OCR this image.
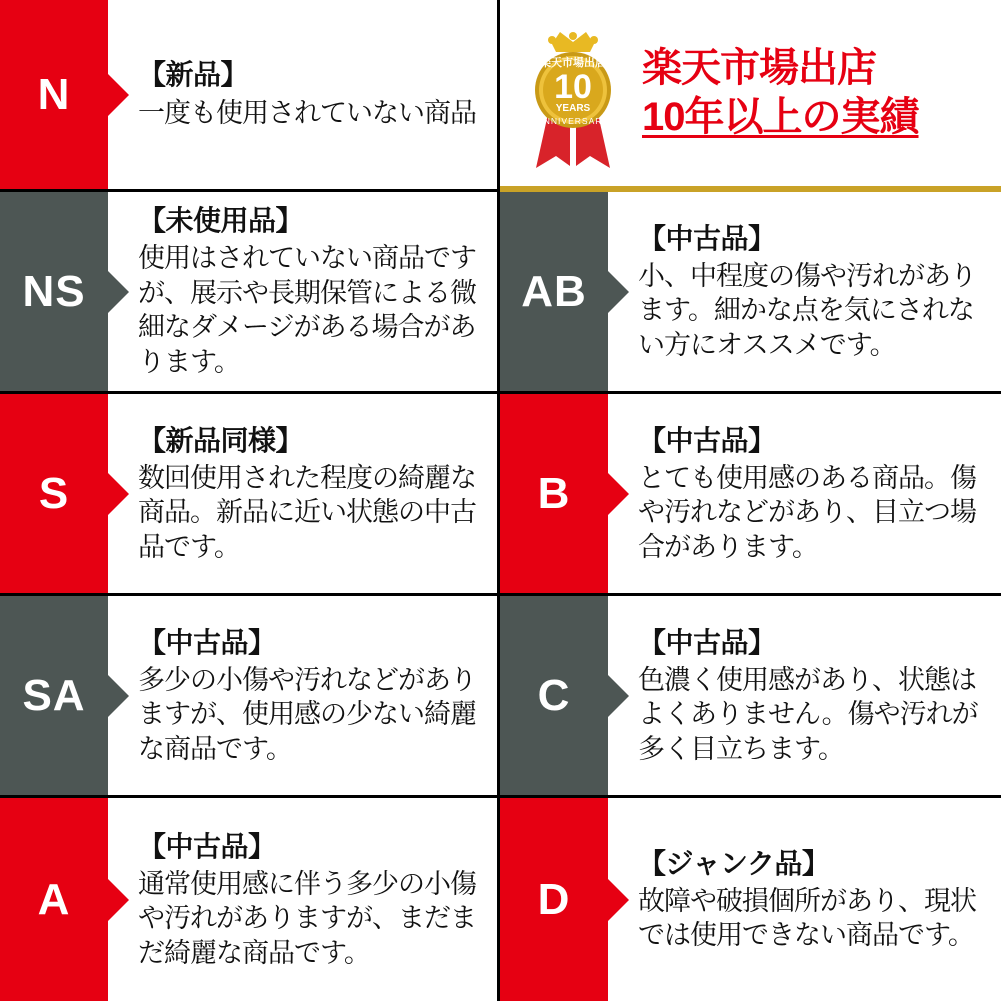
N 【新品】
一度も使用されていない商品
楽天市場出店
10
YEARS
ANNIVERSARY
楽天市場出店
10年以上の実績
NS
【未使用品】
使用はされていない商品ですが、展示や長期保管による微細なダメージがある場合があります。
AB
【中古品】
小、中程度の傷や汚れがあります。細かな点を気にされない方にオススメです。
S
【新品同様】
数回使用された程度の綺麗な商品。新品に近い状態の中古品です。
B
【中古品】
とても使用感のある商品。傷や汚れなどがあり、目立つ場合があります。
SA
【中古品】
多少の小傷や汚れなどがありますが、使用感の少ない綺麗な商品です。
C
【中古品】
色濃く使用感があり、状態はよくありません。傷や汚れが多く目立ちます。
A
【中古品】
通常使用感に伴う多少の小傷や汚れがありますが、まだまだ綺麗な商品です。
D
【ジャンク品】
故障や破損個所があり、現状では使用できない商品です。
